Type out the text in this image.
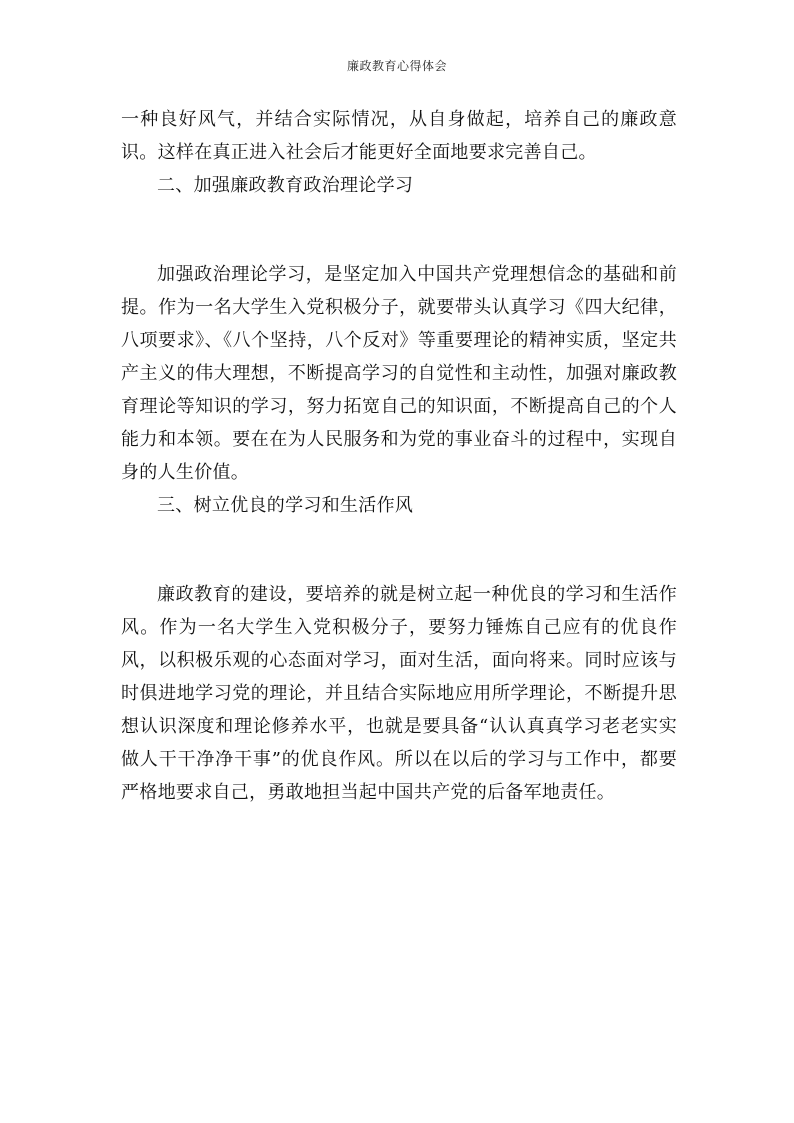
廉政教育心得体会

一种良好风气，并结合实际情况，从自身做起，培养自己的廉政意识。这样在真正进入社会后才能更好全面地要求完善自己。

二、加强廉政教育政治理论学习

加强政治理论学习，是坚定加入中国共产党理想信念的基础和前提。作为一名大学生入党积极分子，就要带头认真学习《四大纪律，八项要求》、《八个坚持，八个反对》等重要理论的精神实质，坚定共产主义的伟大理想，不断提高学习的自觉性和主动性，加强对廉政教育理论等知识的学习，努力拓宽自己的知识面，不断提高自己的个人能力和本领。要在在为人民服务和为党的事业奋斗的过程中，实现自身的人生价值。

三、树立优良的学习和生活作风

廉政教育的建设，要培养的就是树立起一种优良的学习和生活作风。作为一名大学生入党积极分子，要努力锤炼自己应有的优良作风，以积极乐观的心态面对学习，面对生活，面向将来。同时应该与时俱进地学习党的理论，并且结合实际地应用所学理论，不断提升思想认识深度和理论修养水平，也就是要具备“认认真真学习老老实实做人干干净净干事”的优良作风。所以在以后的学习与工作中，都要严格地要求自己，勇敢地担当起中国共产党的后备军地责任。
